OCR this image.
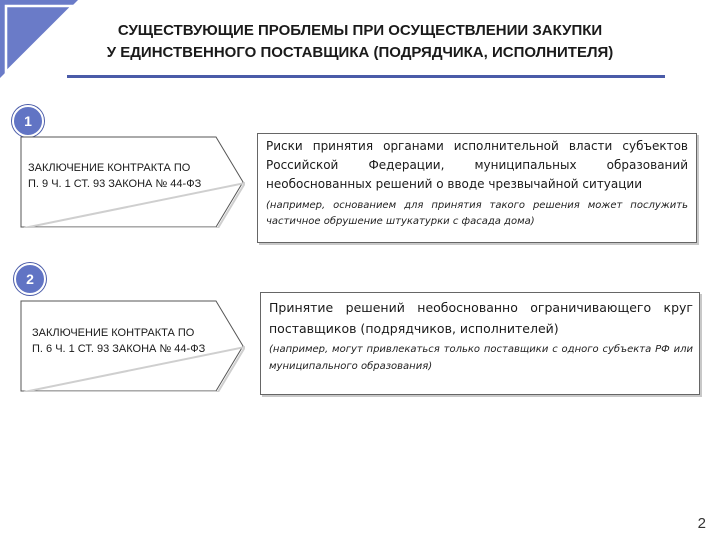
СУЩЕСТВУЮЩИЕ ПРОБЛЕМЫ ПРИ ОСУЩЕСТВЛЕНИИ ЗАКУПКИ
У ЕДИНСТВЕННОГО ПОСТАВЩИКА (ПОДРЯДЧИКА, ИСПОЛНИТЕЛЯ)
1
ЗАКЛЮЧЕНИЕ КОНТРАКТА ПО
П. 9 Ч. 1 СТ. 93 ЗАКОНА № 44-ФЗ
Риски принятия органами исполнительной власти субъектов Российской Федерации, муниципальных образований необоснованных решений о вводе чрезвычайной ситуации
(например, основанием для принятия такого решения может послужить частичное обрушение штукатурки с фасада дома)
2
ЗАКЛЮЧЕНИЕ КОНТРАКТА ПО
П. 6 Ч. 1 СТ. 93 ЗАКОНА № 44-ФЗ
Принятие решений необоснованно ограничивающего круг поставщиков (подрядчиков, исполнителей)
(например, могут привлекаться только поставщики с одного субъекта РФ или муниципального образования)
2
